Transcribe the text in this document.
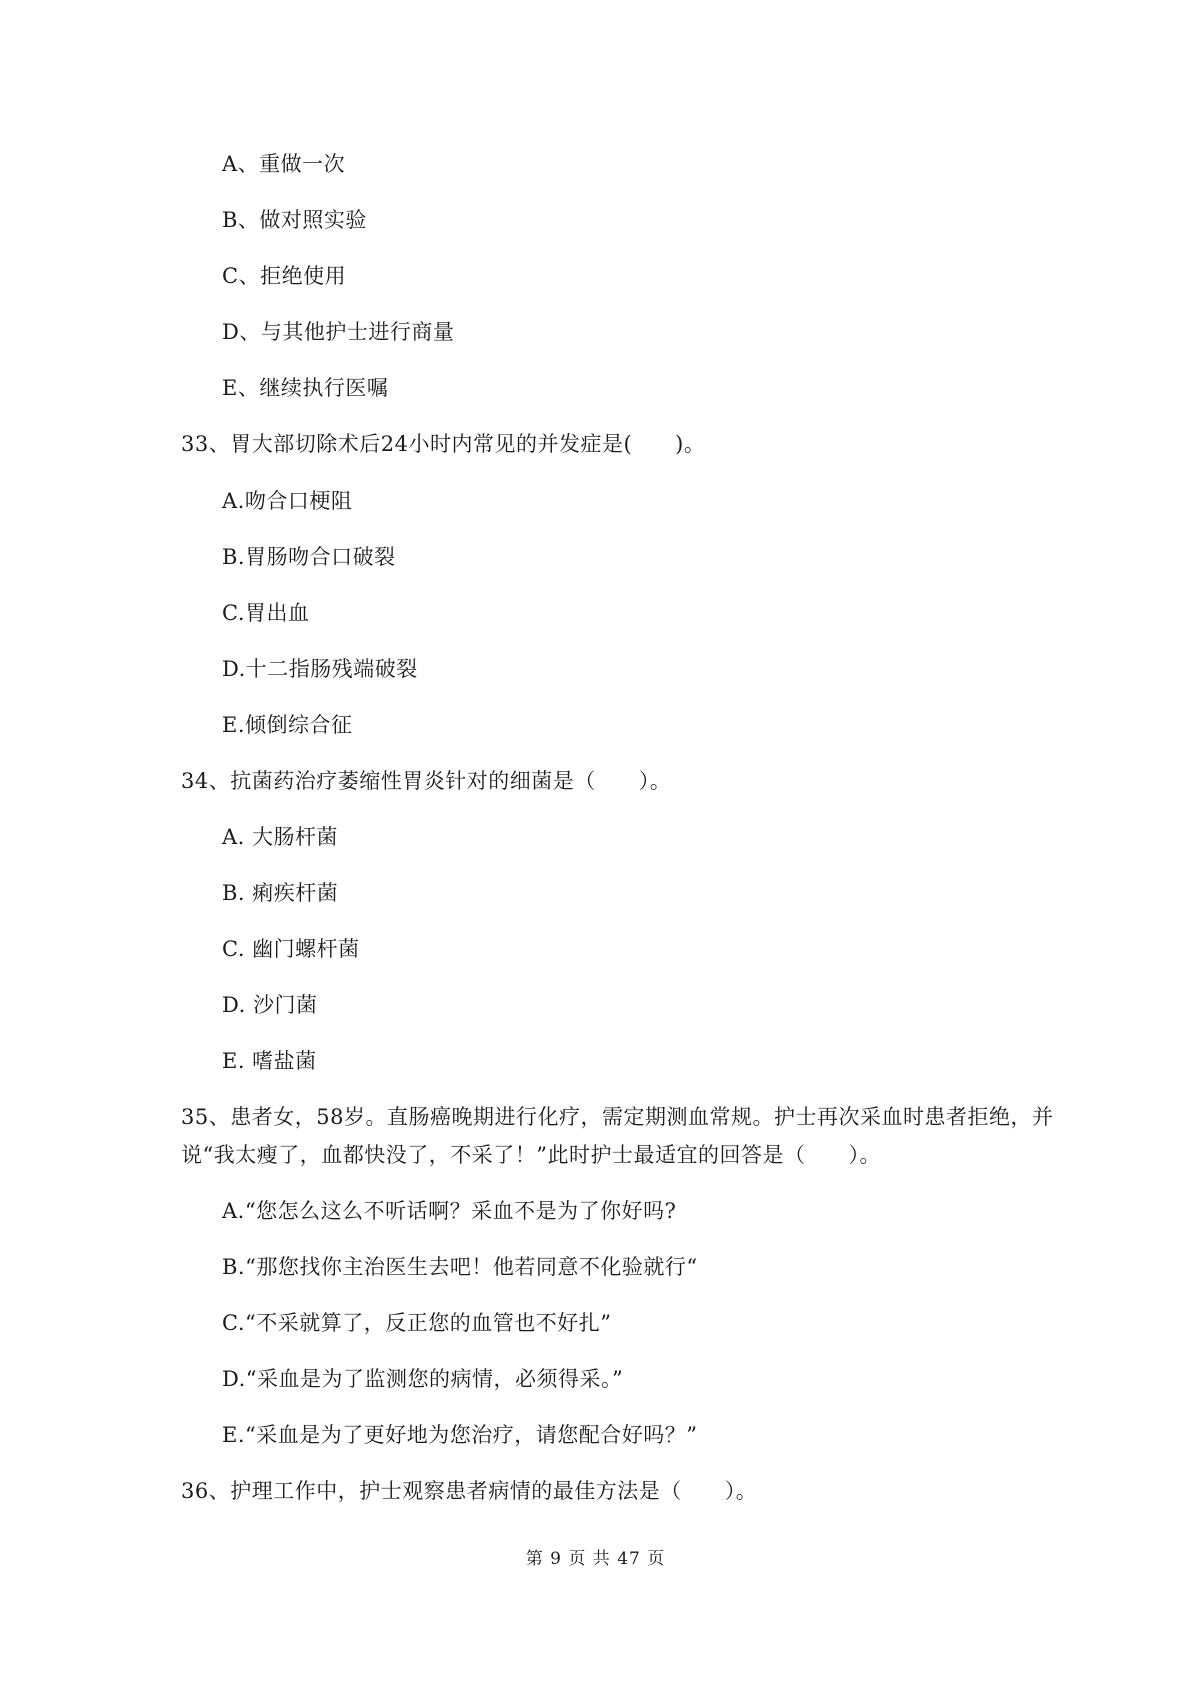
A、重做一次
B、做对照实验
C、拒绝使用
D、与其他护士进行商量
E、继续执行医嘱
33、胃大部切除术后24小时内常见的并发症是(　　)。
A.吻合口梗阻
B.胃肠吻合口破裂
C.胃出血
D.十二指肠残端破裂
E.倾倒综合征
34、抗菌药治疗萎缩性胃炎针对的细菌是（　　）。
A. 大肠杆菌
B. 痢疾杆菌
C. 幽门螺杆菌
D. 沙门菌
E. 嗜盐菌
35、患者女，58岁。直肠癌晚期进行化疗，需定期测血常规。护士再次采血时患者拒绝，并
说“我太瘦了，血都快没了，不采了！”此时护士最适宜的回答是（　　）。
A.“您怎么这么不听话啊？采血不是为了你好吗?
B.“那您找你主治医生去吧！他若同意不化验就行“
C.“不采就算了，反正您的血管也不好扎”
D.“采血是为了监测您的病情，必须得采。”
E.“采血是为了更好地为您治疗，请您配合好吗？”
36、护理工作中，护士观察患者病情的最佳方法是（　　）。
第 9 页 共 47 页
